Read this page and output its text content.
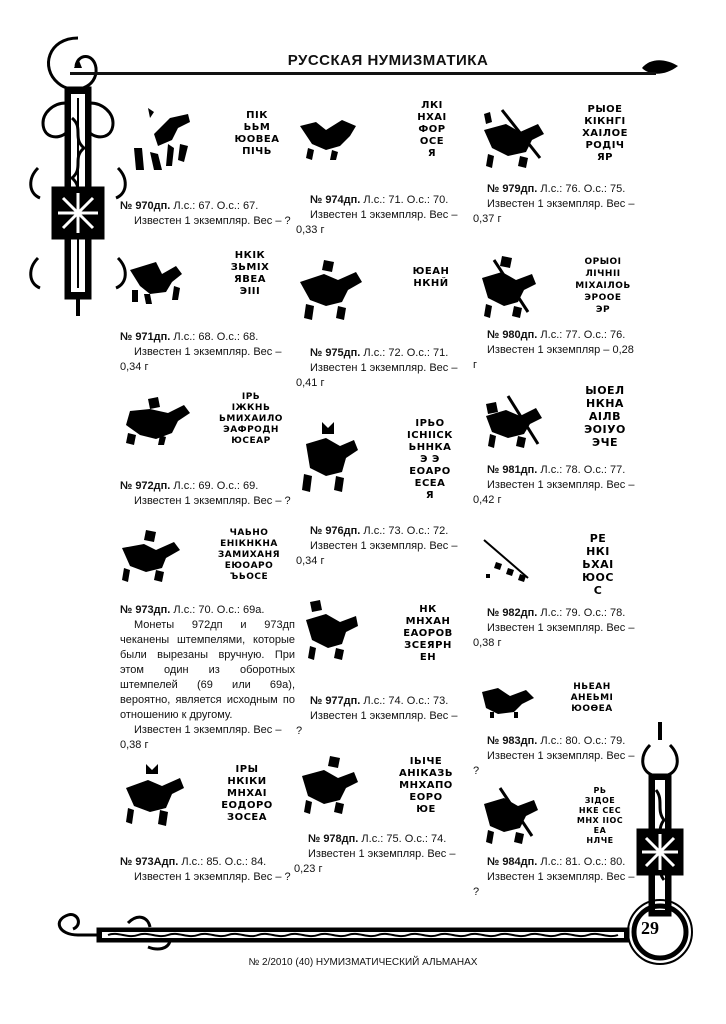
29
РУССКАЯ НУМИЗМАТИКА
ПІК
ЬЬМ
ЮОВЕА
ПІЧЬ

№ 970дп. Л.с.: 67. О.с.: 67.

Известен 1 экземпляр. Вес – ?

НКІК
ЗЬМІХ
ЯВЕА
ЭІІІ

№ 971дп. Л.с.: 68. О.с.: 68.

Известен 1 экземпляр. Вес –

0,34 г

ІРЬ
ІЖКНЬ
ЬМИХАИЛО
ЭАФРОДН
ЮСЕАР

№ 972дп. Л.с.: 69. О.с.: 69.

Известен 1 экземпляр. Вес – ?

ЧАЬНО
ЕНІКНКНА
ЗАМИХАНЯ
ЕЮОАРО
ЪЬОСЕ

№ 973дп. Л.с.: 70. О.с.: 69а.

Монеты 972дп и 973дп чеканены штемпелями, которые были вырезаны вручную. При этом один из оборотных штемпелей (69 или 69а), вероятно, является исходным по отношению к другому.

Известен 1 экземпляр. Вес –

0,38 г

ІРЫ
НКІКИ
МНХАІ
ЕОДОРО
ЗОСЕА

№ 973Адп. Л.с.: 85. О.с.: 84.

Известен 1 экземпляр. Вес – ?

ЛКІ
НХАІ
ФОР
ОСЕ
Я

№ 974дп. Л.с.: 71. О.с.: 70.

Известен 1 экземпляр. Вес –

0,33 г

ЮЕАН
НКНЙ

№ 975дп. Л.с.: 72. О.с.: 71.

Известен 1 экземпляр. Вес –

0,41 г

ІРЬО
ІСНІІСК
ЬННКА
Э Э
ЕОАРО
ЕСЕА
Я

№ 976дп. Л.с.: 73. О.с.: 72.

Известен 1 экземпляр. Вес –

0,34 г

НК
МНХАН
ЕАОРОВ
ЗСЕЯРН
ЕН

№ 977дп. Л.с.: 74. О.с.: 73.

Известен 1 экземпляр. Вес – ?

ІЬІЧЕ
АНІКАЗЬ
МНХАПО
ЕОРО
ЮЕ

№ 978дп. Л.с.: 75. О.с.: 74.

Известен 1 экземпляр. Вес –

0,23 г

РЫОЕ
КІКНГІ
ХАІЛОЕ
РОДІЧ
ЯР

№ 979дп. Л.с.: 76. О.с.: 75.

Известен 1 экземпляр. Вес –

0,37 г

ОРЫОІ
ЛІЧНІІ
МІХАІЛОЬ
ЭРООЕ
ЭР

№ 980дп. Л.с.: 77. О.с.: 76.

Известен 1 экземпляр – 0,28 г

ЫОЕЛ
НКНА
АІЛВ
ЭОІУО
ЭЧЕ

№ 981дп. Л.с.: 78. О.с.: 77.

Известен 1 экземпляр. Вес –

0,42 г

РЕ
НКІ
ЬХАІ
ЮОС
С

№ 982дп. Л.с.: 79. О.с.: 78.

Известен 1 экземпляр. Вес –

0,38 г

НЬЕАН
АНЕЬМІ
ЮОӨЕА

№ 983дп. Л.с.: 80. О.с.: 79.

Известен 1 экземпляр. Вес – ?

РЬ
ЗІДОЕ
НКЕ СЕС
МНХ ІІОС
ЕА
НЛЧЕ

№ 984дп. Л.с.: 81. О.с.: 80.

Известен 1 экземпляр. Вес – ?

№ 2/2010 (40) НУМИЗМАТИЧЕСКИЙ АЛЬМАНАХ
